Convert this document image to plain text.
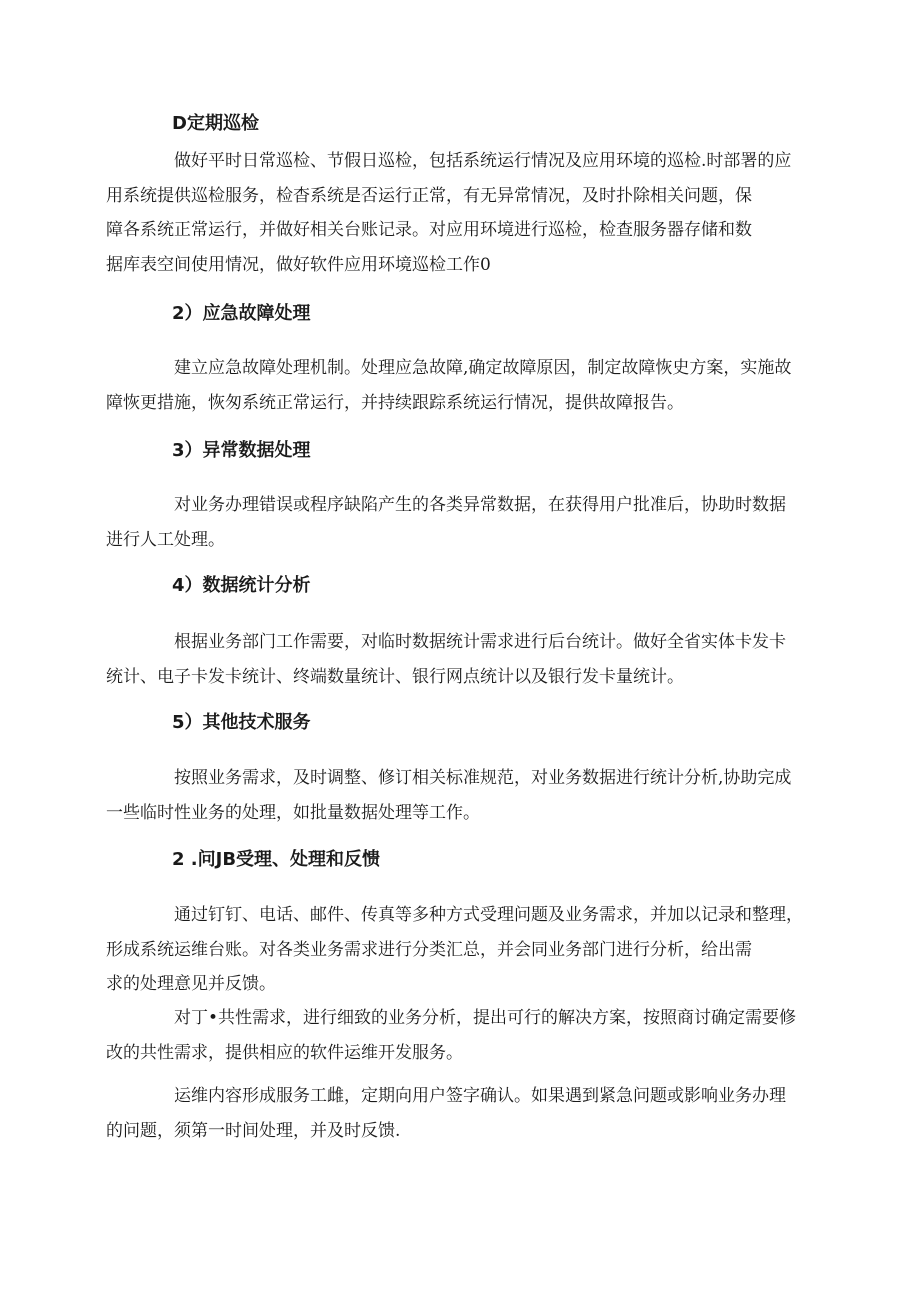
D定期巡检

做好平时日常巡检、节假日巡检，包括系统运行情况及应用环境的巡检.时部署的应
用系统提供巡检服务，检杳系统是否运行正常，有无异常情况，及时扑除相关问题，保
障各系统正常运行，并做好相关台账记录。对应用环境进行巡检，检查服务器存储和数
据库表空间使用情况，做好软件应用环境巡检工作0

2）应急故障处理

建立应急故障处理机制。处理应急故障,确定故障原因，制定故障恢史方案，实施故
障恢更措施，恢匆系统正常运行，并持续跟踪系统运行情况，提供故障报告。

3）异常数据处理

对业务办理错误或程序缺陷产生的各类异常数据，在获得用户批准后，协助时数据
进行人工处理。

4）数据统计分析

根据业务部门工作需要，对临时数据统计需求进行后台统计。做好全省实体卡发卡
统计、电子卡发卡统计、终端数量统计、银行网点统计以及银行发卡量统计。

5）其他技术服务

按照业务需求，及时调整、修订相关标准规范，对业务数据进行统计分析,协助完成
一些临时性业务的处理，如批量数据处理等工作。

2 .问JB受理、处理和反愦

通过钉钉、电话、邮件、传真等多种方式受理问题及业务需求，并加以记录和整理，
形成系统运维台账。对各类业务需求进行分类汇总，并会同业务部门进行分析，给出需
求的处理意见并反馈。

对丁•共性需求，进行细致的业务分析，提出可行的解决方案，按照商讨确定需要修
改的共性需求，提供相应的软件运维开发服务。

运维内容形成服务工雌，定期向用户签字确认。如果遇到紧急问题或影响业务办理
的问题，须第一时间处理，并及时反馈.
